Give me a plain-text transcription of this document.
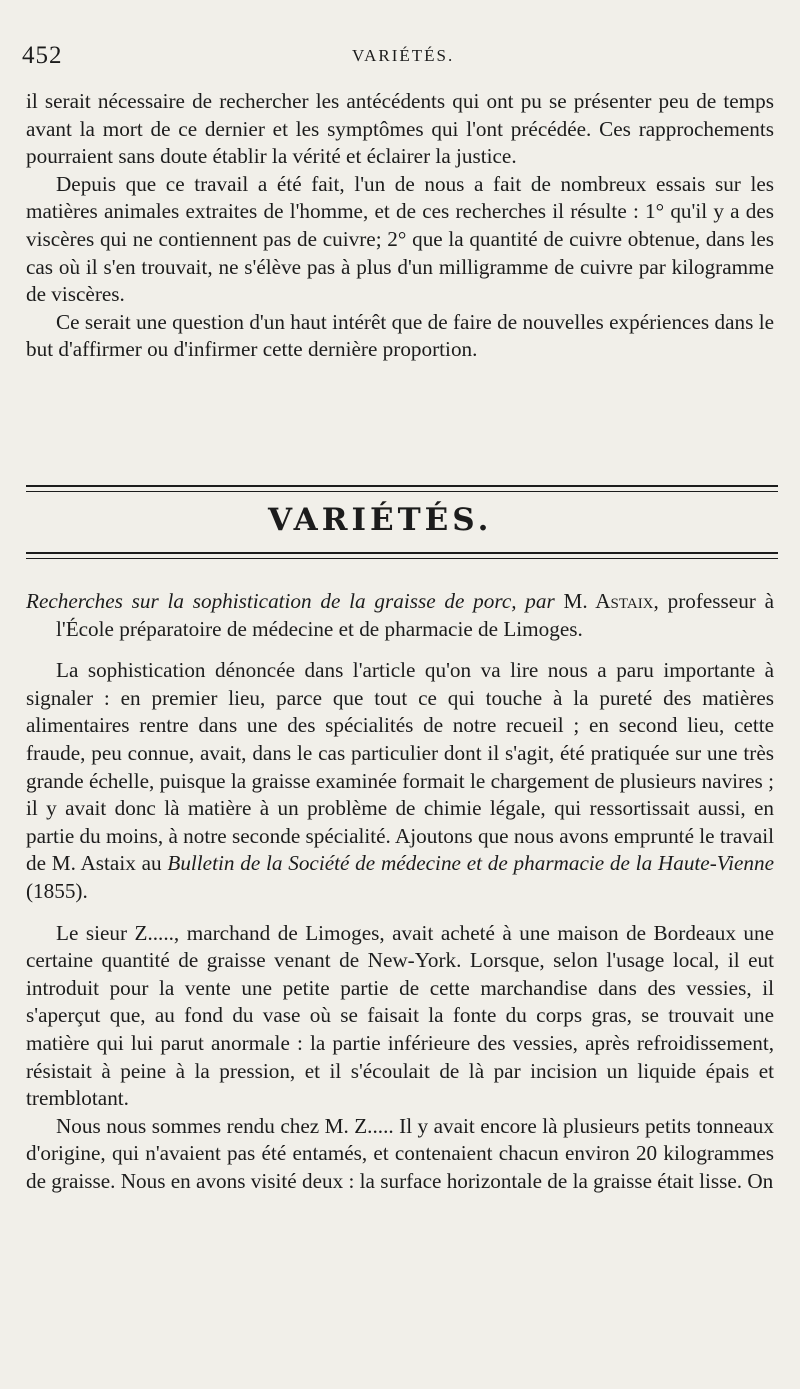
452	VARIÉTÉS.

il serait nécessaire de rechercher les antécédents qui ont pu se présenter peu de temps avant la mort de ce dernier et les symptômes qui l'ont précédée. Ces rapprochements pourraient sans doute établir la vérité et éclairer la justice.

Depuis que ce travail a été fait, l'un de nous a fait de nombreux essais sur les matières animales extraites de l'homme, et de ces recherches il résulte : 1° qu'il y a des viscères qui ne contiennent pas de cuivre; 2° que la quantité de cuivre obtenue, dans les cas où il s'en trouvait, ne s'élève pas à plus d'un milligramme de cuivre par kilogramme de viscères.

Ce serait une question d'un haut intérêt que de faire de nouvelles expériences dans le but d'affirmer ou d'infirmer cette dernière proportion.

VARIÉTÉS.

Recherches sur la sophistication de la graisse de porc, par M. Astaix, professeur à l'École préparatoire de médecine et de pharmacie de Limoges.

La sophistication dénoncée dans l'article qu'on va lire nous a paru importante à signaler : en premier lieu, parce que tout ce qui touche à la pureté des matières alimentaires rentre dans une des spécialités de notre recueil ; en second lieu, cette fraude, peu connue, avait, dans le cas particulier dont il s'agit, été pratiquée sur une très grande échelle, puisque la graisse examinée formait le chargement de plusieurs navires ; il y avait donc là matière à un problème de chimie légale, qui ressortissait aussi, en partie du moins, à notre seconde spécialité. Ajoutons que nous avons emprunté le travail de M. Astaix au Bulletin de la Société de médecine et de pharmacie de la Haute-Vienne (1855).

Le sieur Z....., marchand de Limoges, avait acheté à une maison de Bordeaux une certaine quantité de graisse venant de New-York. Lorsque, selon l'usage local, il eut introduit pour la vente une petite partie de cette marchandise dans des vessies, il s'aperçut que, au fond du vase où se faisait la fonte du corps gras, se trouvait une matière qui lui parut anormale : la partie inférieure des vessies, après refroidissement, résistait à peine à la pression, et il s'écoulait de là par incision un liquide épais et tremblotant.

Nous nous sommes rendu chez M. Z..... Il y avait encore là plusieurs petits tonneaux d'origine, qui n'avaient pas été entamés, et contenaient chacun environ 20 kilogrammes de graisse. Nous en avons visité deux : la surface horizontale de la graisse était lisse. On
